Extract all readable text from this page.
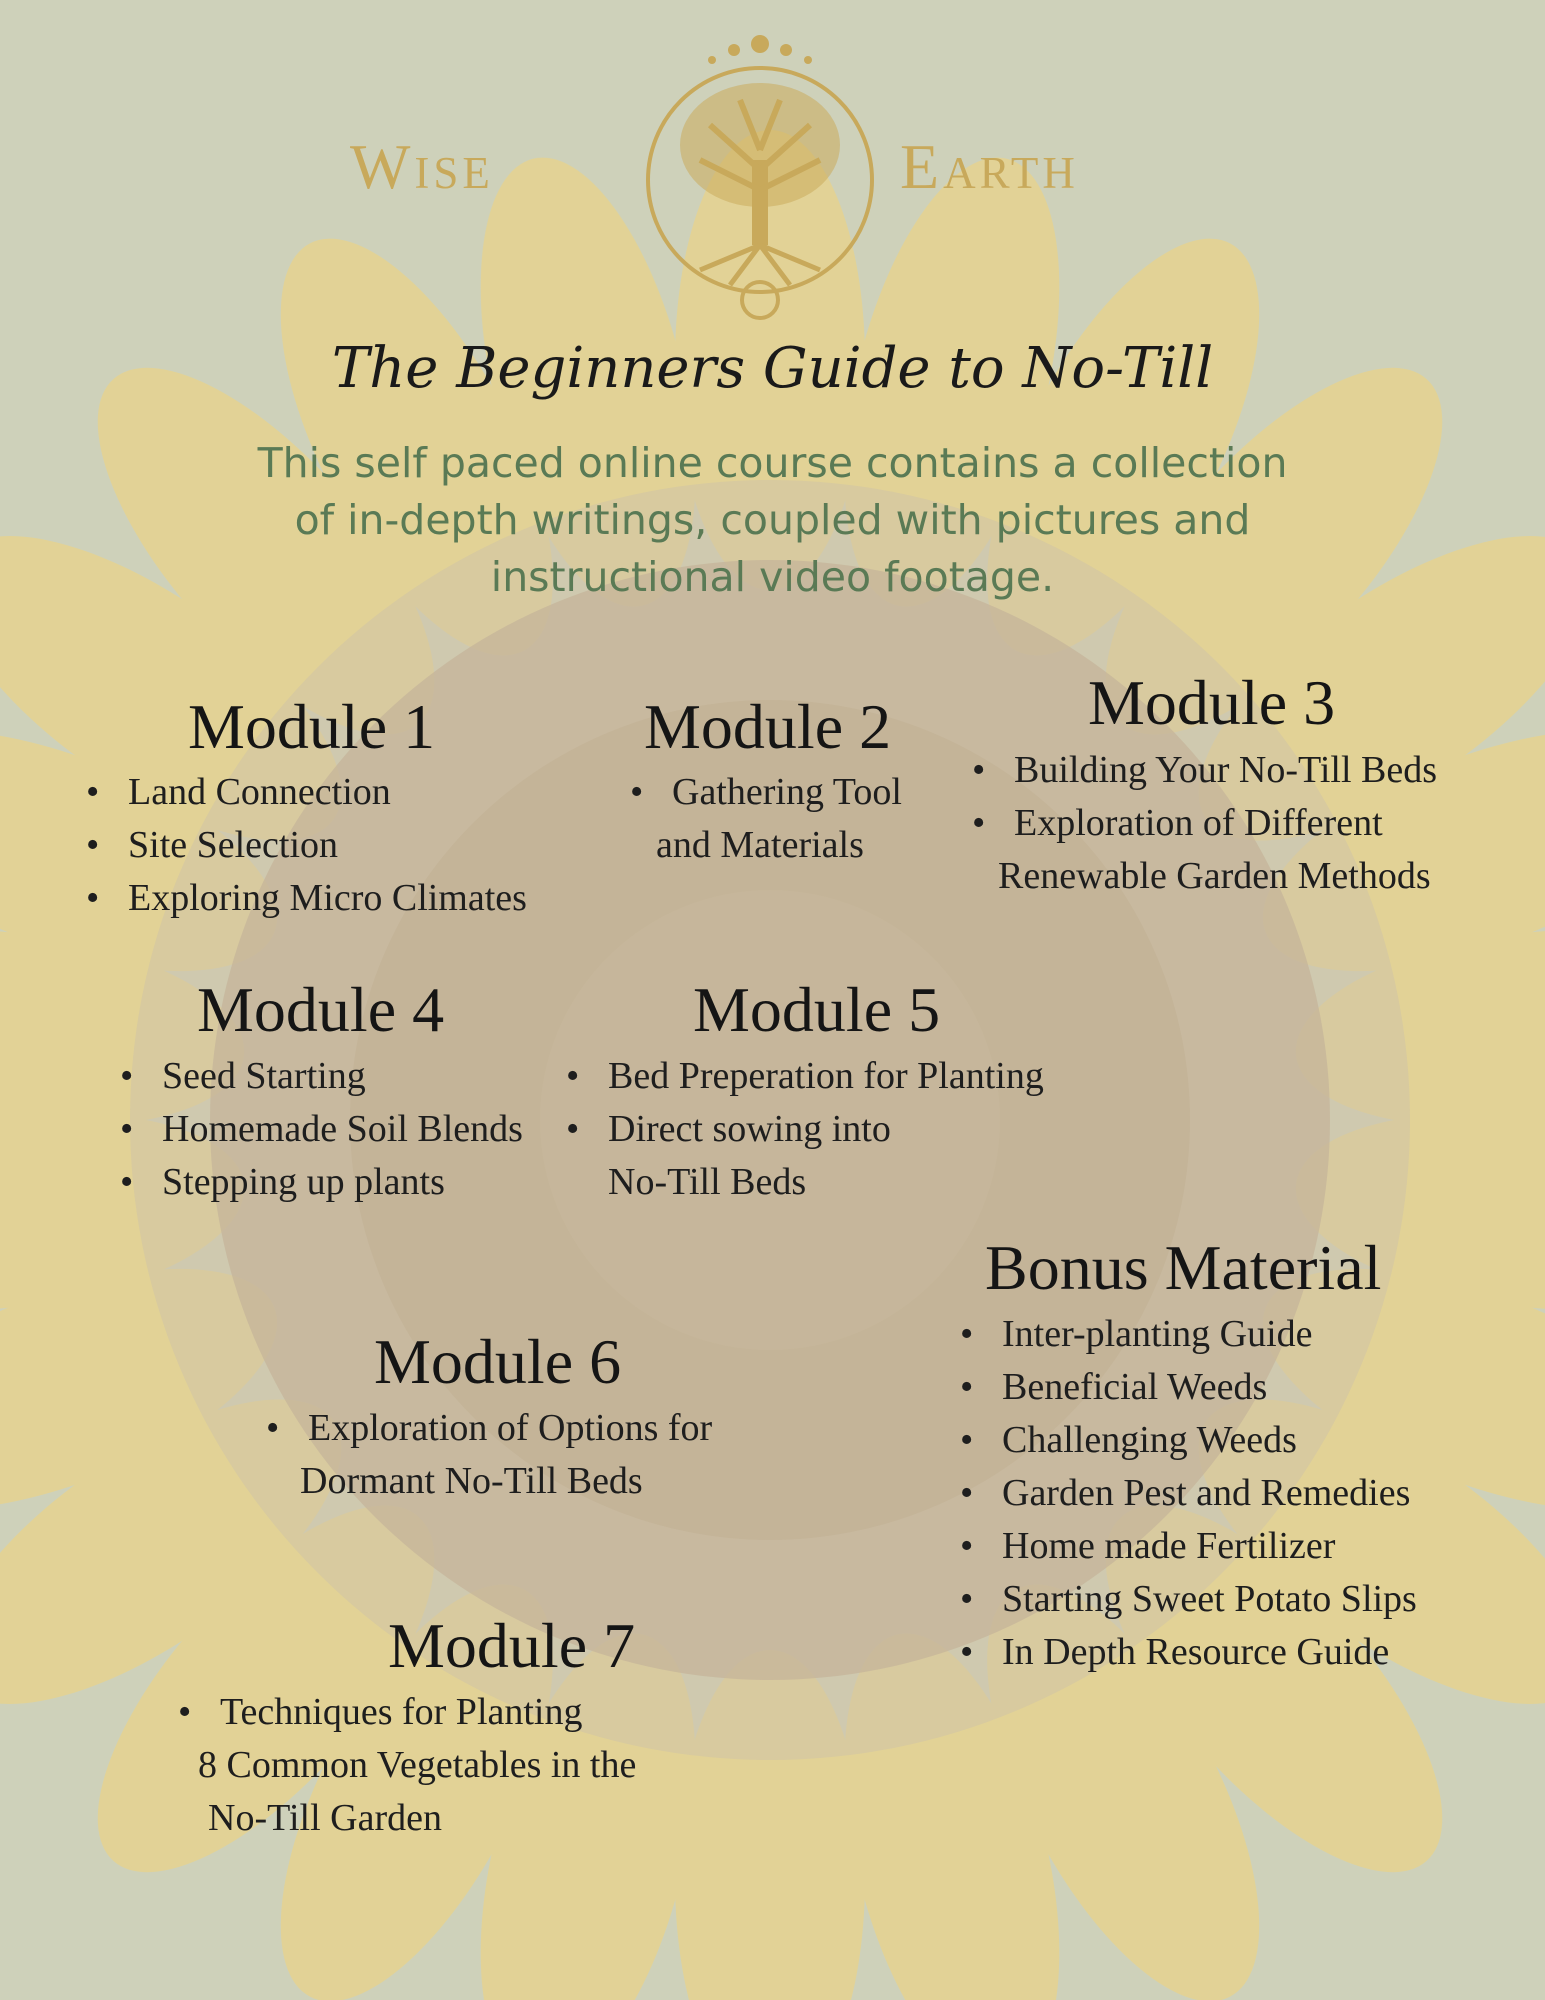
Wise	Earth
The Beginners Guide to No-Till
This self paced online course contains a collection
of in-depth writings, coupled with pictures and
instructional video footage.
Module 1
• Land Connection
• Site Selection
• Exploring Micro Climates
Module 2
• Gathering Tool
and Materials
Module 3
• Building Your No-Till Beds
• Exploration of Different
Renewable Garden Methods
Module 4
• Seed Starting
• Homemade Soil Blends
• Stepping up plants
Module 5
• Bed Preperation for Planting
• Direct sowing into
No-Till Beds
Bonus Material
• Inter-planting Guide
• Beneficial Weeds
• Challenging Weeds
• Garden Pest and Remedies
• Home made Fertilizer
• Starting Sweet Potato Slips
• In Depth Resource Guide
Module 6
• Exploration of Options for
Dormant No-Till Beds
Module 7
• Techniques for Planting
8 Common Vegetables in the
No-Till Garden
